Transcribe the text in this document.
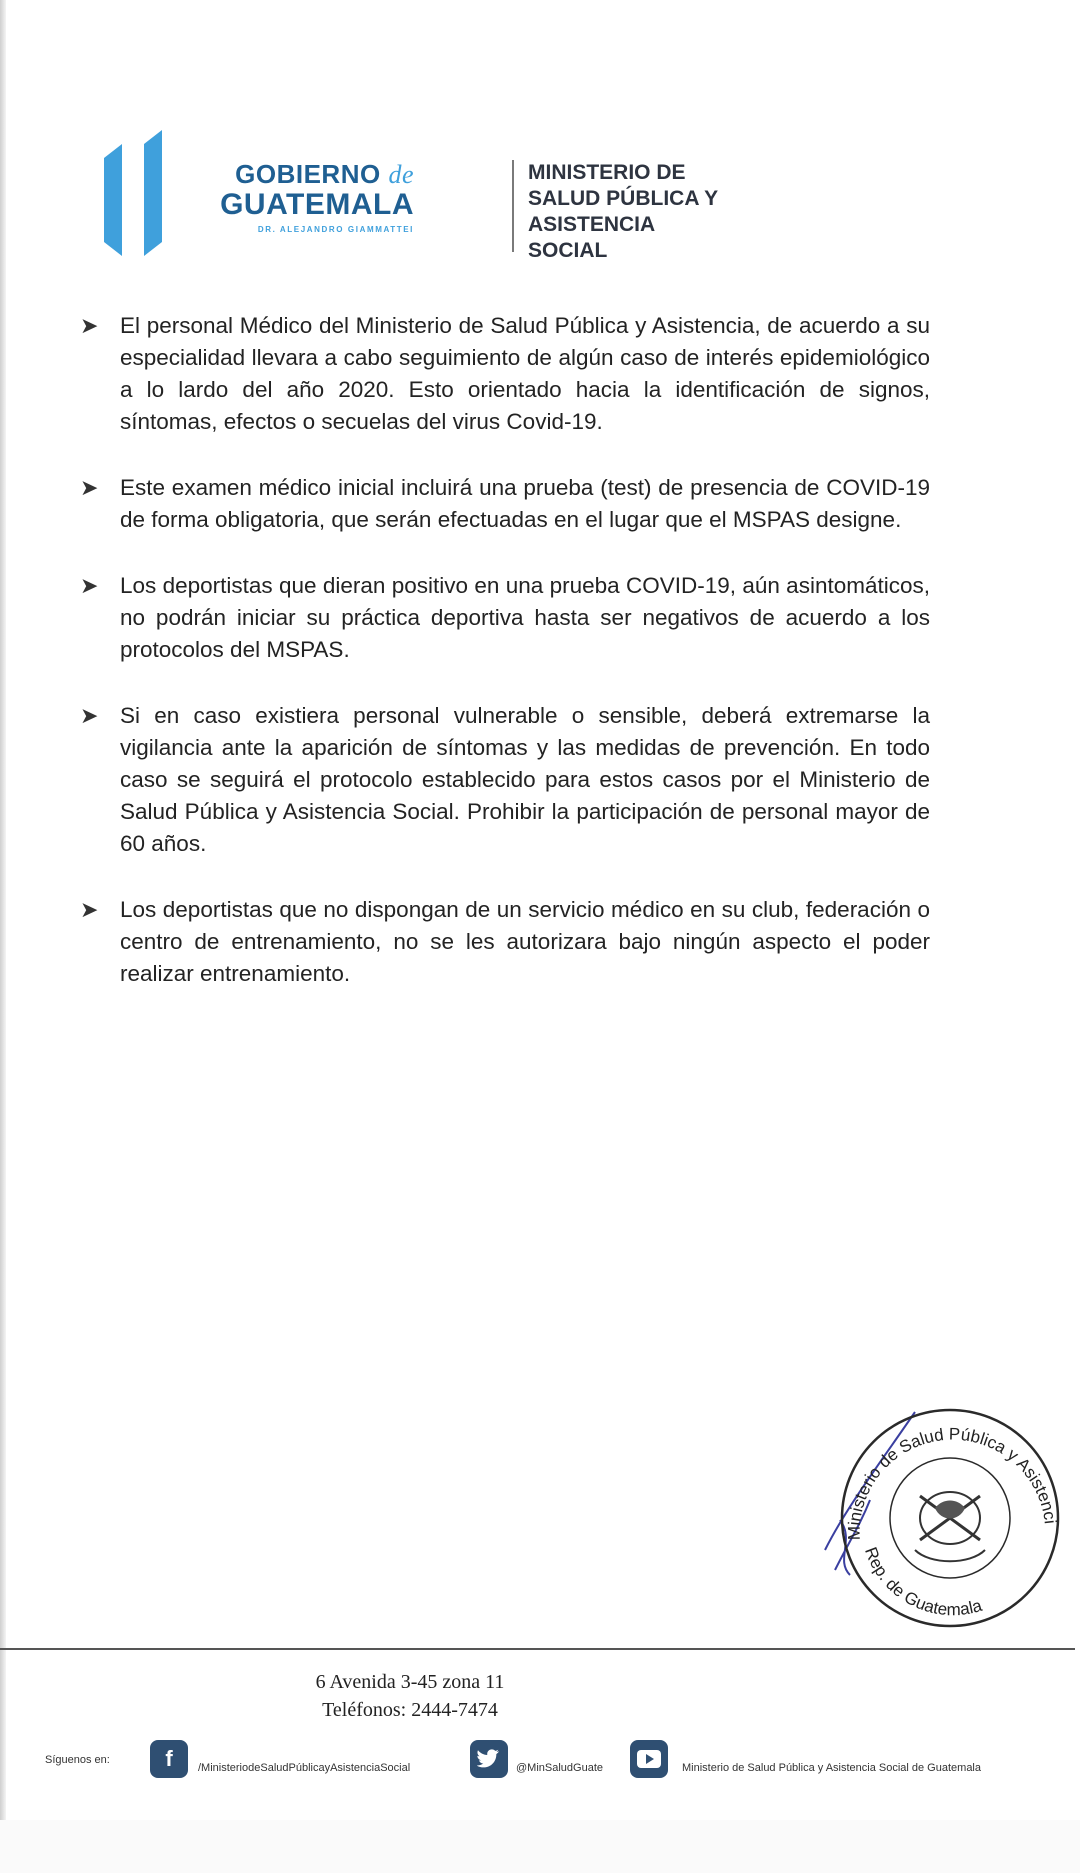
GOBIERNO de
GUATEMALA
DR. ALEJANDRO GIAMMATTEI
MINISTERIO DE
SALUD PÚBLICA Y
ASISTENCIA SOCIAL
➤ El personal Médico del Ministerio de Salud Pública y Asistencia, de acuerdo a su especialidad llevara a cabo seguimiento de algún caso de interés epidemiológico a lo lardo del año 2020. Esto orientado hacia la identificación de signos, síntomas, efectos o secuelas del virus Covid-19.
➤ Este examen médico inicial incluirá una prueba (test) de presencia de COVID-19 de forma obligatoria, que serán efectuadas en el lugar que el MSPAS designe.
➤ Los deportistas que dieran positivo en una prueba COVID-19, aún asintomáticos, no podrán iniciar su práctica deportiva hasta ser negativos de acuerdo a los protocolos del MSPAS.
➤ Si en caso existiera personal vulnerable o sensible, deberá extremarse la vigilancia ante la aparición de síntomas y las medidas de prevención. En todo caso se seguirá el protocolo establecido para estos casos por el Ministerio de Salud Pública y Asistencia Social. Prohibir la participación de personal mayor de 60 años.
➤ Los deportistas que no dispongan de un servicio médico en su club, federación o centro de entrenamiento, no se les autorizara bajo ningún aspecto el poder realizar entrenamiento.
Ministerio de Salud Pública y Asistenci
Rep. de Guatemala
6 Avenida 3-45 zona 11
Teléfonos: 2444-7474
Síguenos en:	f	/MinisteriodeSaludPúblicayAsistenciaSocial	@MinSaludGuate	Ministerio de Salud Pública y Asistencia Social de Guatemala
